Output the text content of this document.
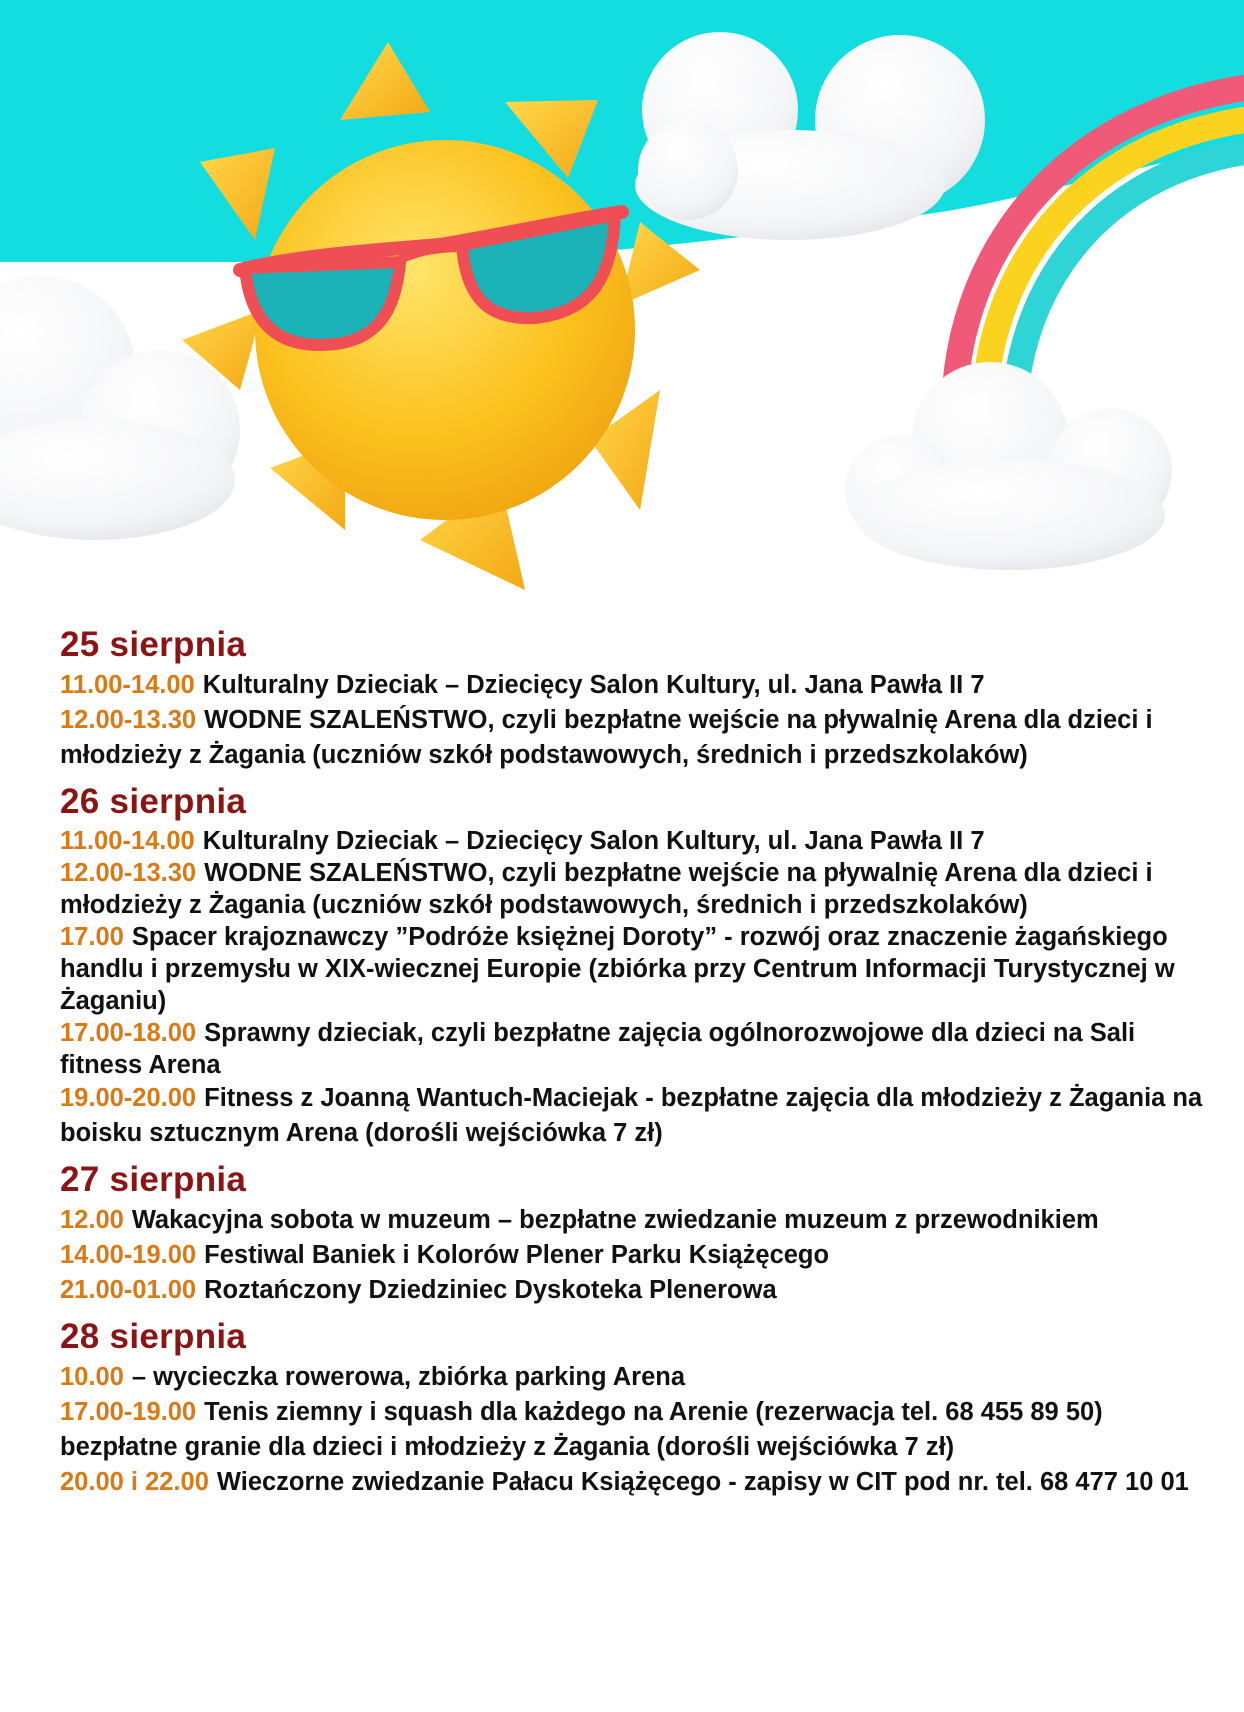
25 sierpnia

11.00-14.00 Kulturalny Dzieciak – Dziecięcy Salon Kultury, ul. Jana Pawła II 7

12.00-13.30 WODNE SZALEŃSTWO, czyli bezpłatne wejście na pływalnię Arena dla dzieci i młodzieży z Żagania (uczniów szkół podstawowych, średnich i przedszkolaków)

26 sierpnia

11.00-14.00 Kulturalny Dzieciak – Dziecięcy Salon Kultury, ul. Jana Pawła II 7

12.00-13.30 WODNE SZALEŃSTWO, czyli bezpłatne wejście na pływalnię Arena dla dzieci i młodzieży z Żagania (uczniów szkół podstawowych, średnich i przedszkolaków)

17.00 Spacer krajoznawczy ”Podróże księżnej Doroty” - rozwój oraz znaczenie żagańskiego handlu i przemysłu w XIX-wiecznej Europie (zbiórka przy Centrum Informacji Turystycznej w Żaganiu)

17.00-18.00 Sprawny dzieciak, czyli bezpłatne zajęcia ogólnorozwojowe dla dzieci na Sali fitness Arena

19.00-20.00 Fitness z Joanną Wantuch-Maciejak - bezpłatne zajęcia dla młodzieży z Żagania na boisku sztucznym Arena (dorośli wejściówka 7 zł)

27 sierpnia

12.00 Wakacyjna sobota w muzeum – bezpłatne zwiedzanie muzeum z przewodnikiem

14.00-19.00 Festiwal Baniek i Kolorów Plener Parku Książęcego

21.00-01.00 Roztańczony Dziedziniec Dyskoteka Plenerowa

28 sierpnia

10.00 – wycieczka rowerowa, zbiórka parking Arena

17.00-19.00 Tenis ziemny i squash dla każdego na Arenie (rezerwacja tel. 68 455 89 50) bezpłatne granie dla dzieci i młodzieży z Żagania (dorośli wejściówka 7 zł)

20.00 i 22.00 Wieczorne zwiedzanie Pałacu Książęcego - zapisy w CIT pod nr. tel. 68 477 10 01
